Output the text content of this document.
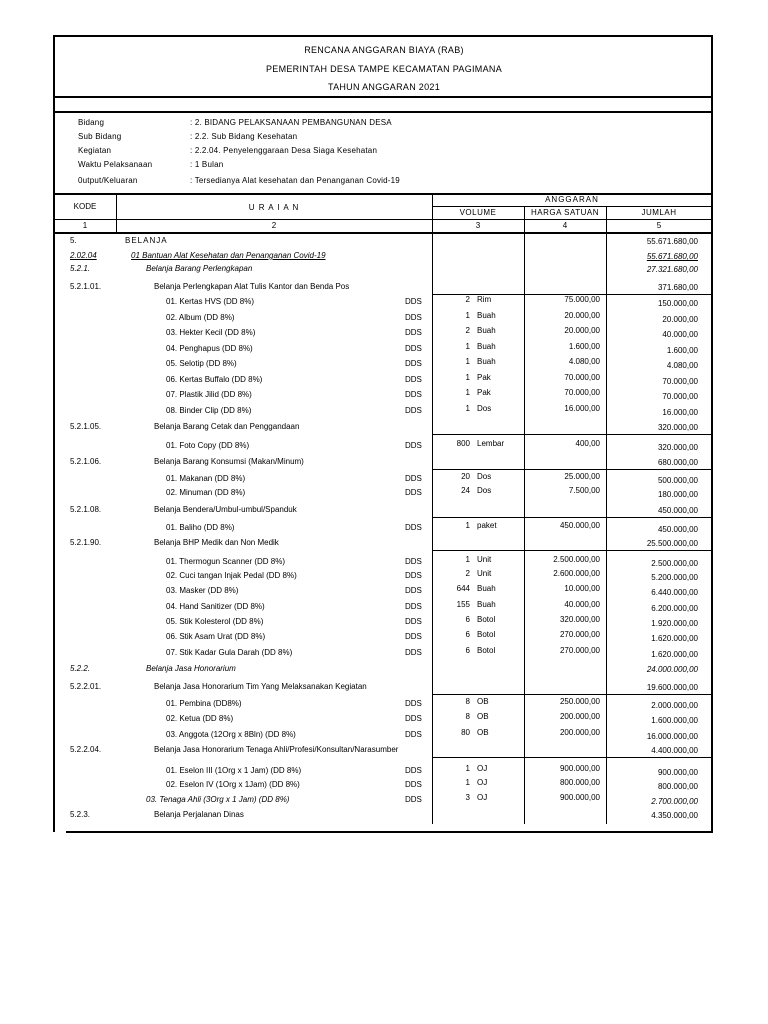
RENCANA ANGGARAN BIAYA (RAB)
PEMERINTAH DESA TAMPE KECAMATAN PAGIMANA
TAHUN ANGGARAN 2021
Bidang	: 2. BIDANG PELAKSANAAN PEMBANGUNAN DESA
Sub Bidang	: 2.2. Sub Bidang Kesehatan
Kegiatan	: 2.2.04. Penyelenggaraan Desa Siaga Kesehatan
Waktu Pelaksanaan	: 1 Bulan
0utput/Keluaran	: Tersedianya Alat kesehatan dan Penanganan Covid-19
KODE	U R A I A N
ANGGARAN
VOLUME	HARGA SATUAN	JUMLAH
1	2	3	4	5
5.	BELANJA	55.671.680,00
2.02.04	01 Bantuan Alat Kesehatan dan Penanganan Covid-19	55.671.680,00
5.2.1.	Belanja Barang Perlengkapan	27.321.680,00
5.2.1.01.	Belanja Perlengkapan Alat Tulis Kantor dan Benda Pos	371.680,00
01. Kertas HVS (DD 8%)	DDS	2 Rim	75.000,00	150.000,00
02. Album (DD 8%)	DDS	1 Buah	20.000,00	20.000,00
03. Hekter Kecil (DD 8%)	DDS	2 Buah	20.000,00	40.000,00
04. Penghapus (DD 8%)	DDS	1 Buah	1.600,00	1.600,00
05. Selotip (DD 8%)	DDS	1 Buah	4.080,00	4.080,00
06. Kertas Buffalo (DD 8%)	DDS	1 Pak	70.000,00	70.000,00
07. Plastik Jilid (DD 8%)	DDS	1 Pak	70.000,00	70.000,00
08. Binder Clip (DD 8%)	DDS	1 Dos	16.000,00	16.000,00
5.2.1.05.	Belanja Barang Cetak dan Penggandaan	320.000,00
01. Foto Copy (DD 8%)	DDS	800 Lembar	400,00	320.000,00
5.2.1.06.	Belanja Barang Konsumsi (Makan/Minum)	680.000,00
01. Makanan (DD 8%)	DDS	20 Dos	25.000,00	500.000,00
02. Minuman (DD 8%)	DDS	24 Dos	7.500,00	180.000,00
5.2.1.08.	Belanja Bendera/Umbul-umbul/Spanduk	450.000,00
01. Baliho (DD 8%)	DDS	1 paket	450.000,00	450.000,00
5.2.1.90.	Belanja BHP Medik dan Non Medik	25.500.000,00
01. Thermogun Scanner (DD 8%)	DDS	1 Unit	2.500.000,00	2.500.000,00
02. Cuci tangan Injak Pedal (DD 8%)	DDS	2 Unit	2.600.000,00	5.200.000,00
03. Masker (DD 8%)	DDS	644 Buah	10.000,00	6.440.000,00
04. Hand Sanitizer (DD 8%)	DDS	155 Buah	40.000,00	6.200.000,00
05. Stik Kolesterol (DD 8%)	DDS	6 Botol	320.000,00	1.920.000,00
06. Stik Asam Urat (DD 8%)	DDS	6 Botol	270.000,00	1.620.000,00
07. Stik Kadar Gula Darah (DD 8%)	DDS	6 Botol	270.000,00	1.620.000,00
5.2.2.	Belanja Jasa Honorarium	24.000.000,00
5.2.2.01.	Belanja Jasa Honorarium Tim Yang Melaksanakan Kegiatan	19.600.000,00
01. Pembina (DD8%)	DDS	8 OB	250.000,00	2.000.000,00
02. Ketua (DD 8%)	DDS	8 OB	200.000,00	1.600.000,00
03. Anggota (12Org x 8Bln) (DD 8%)	DDS	80 OB	200.000,00	16.000.000,00
5.2.2.04.	Belanja Jasa Honorarium Tenaga Ahli/Profesi/Konsultan/Narasumber	4.400.000,00
01. Eselon III (1Org x 1 Jam) (DD 8%)	DDS	1 OJ	900.000,00	900.000,00
02. Eselon IV (1Org x 1Jam) (DD 8%)	DDS	1 OJ	800.000,00	800.000,00
03. Tenaga Ahli (3Org x 1 Jam) (DD 8%)	DDS	3 OJ	900.000,00	2.700.000,00
5.2.3.	Belanja Perjalanan Dinas	4.350.000,00
